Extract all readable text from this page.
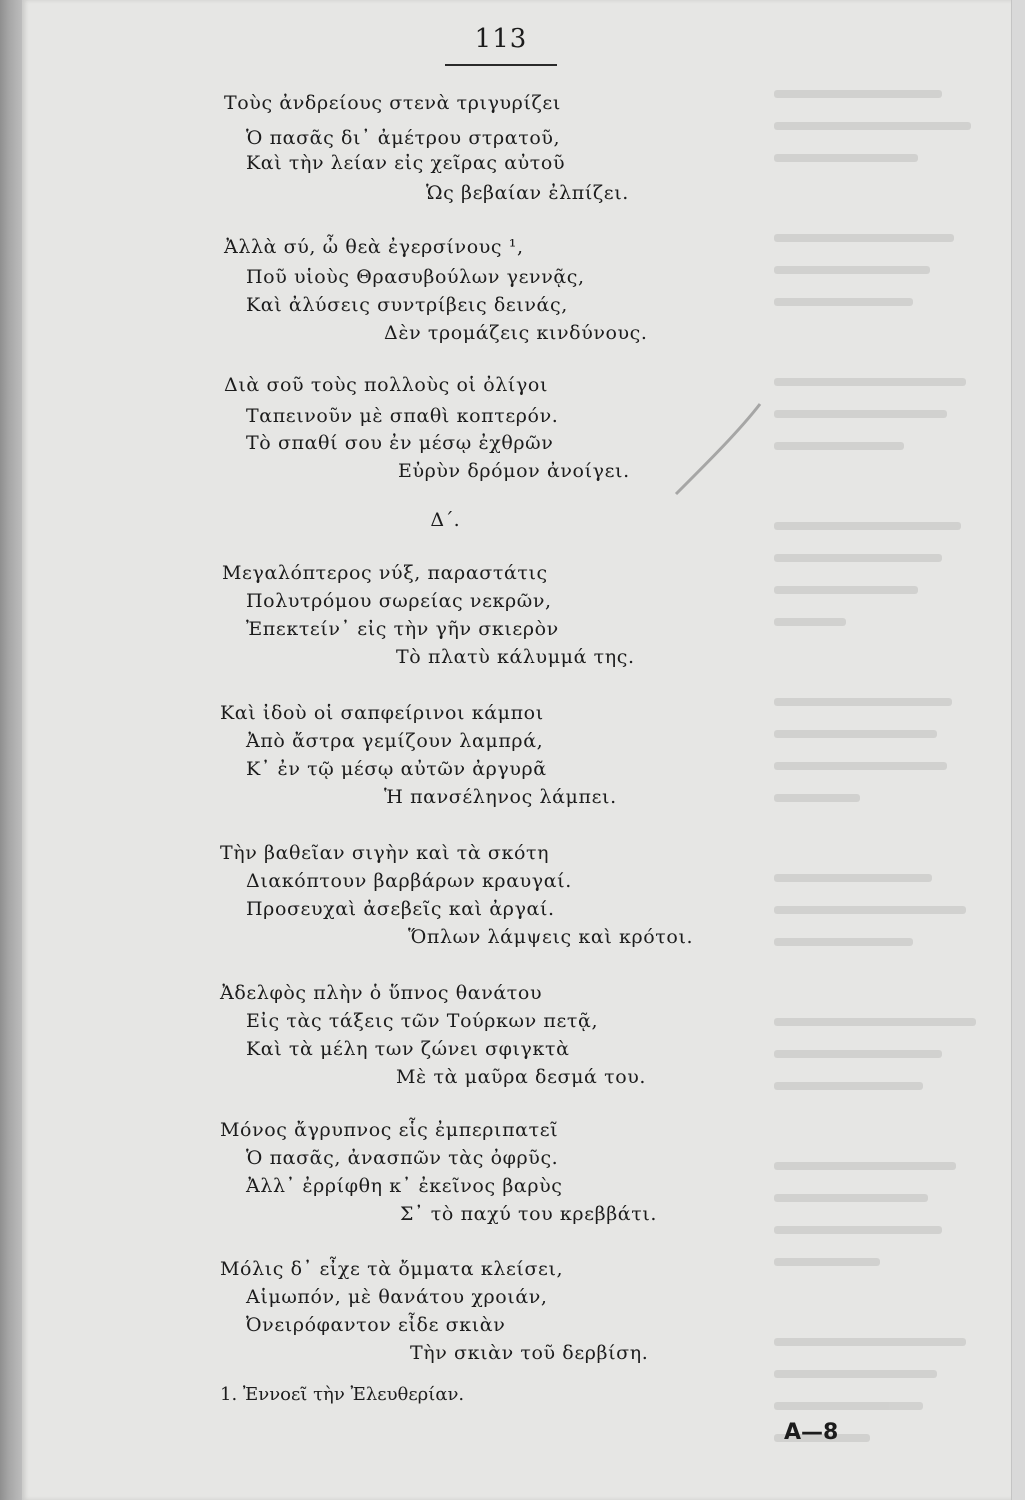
113
Τοὺς ἀνδρείους στενὰ τριγυρίζει
Ὁ πασᾶς δι᾽ ἀμέτρου στρατοῦ,
Καὶ τὴν λείαν εἰς χεῖρας αὐτοῦ
Ὡς βεβαίαν ἐλπίζει.
Ἀλλὰ σύ, ὦ θεὰ ἐγερσίνους ¹,
Ποῦ υἱοὺς Θρασυβούλων γεννᾷς,
Καὶ ἀλύσεις συντρίβεις δεινάς,
Δὲν τρομάζεις κινδύνους.
Διὰ σοῦ τοὺς πολλοὺς οἱ ὀλίγοι
Ταπεινοῦν μὲ σπαθὶ κοπτερόν.
Τὸ σπαθί σου ἐν μέσῳ ἐχθρῶν
Εὐρὺν δρόμον ἀνοίγει.
Δ΄.
Μεγαλόπτερος νύξ, παραστάτις
Πολυτρόμου σωρείας νεκρῶν,
Ἐπεκτείν᾽ εἰς τὴν γῆν σκιερὸν
Τὸ πλατὺ κάλυμμά της.
Καὶ ἰδοὺ οἱ σαπφείρινοι κάμποι
Ἀπὸ ἄστρα γεμίζουν λαμπρά,
Κ᾽ ἐν τῷ μέσῳ αὐτῶν ἀργυρᾶ
Ἡ πανσέληνος λάμπει.
Τὴν βαθεῖαν σιγὴν καὶ τὰ σκότη
Διακόπτουν βαρβάρων κραυγαί.
Προσευχαὶ ἀσεβεῖς καὶ ἀργαί.
Ὅπλων λάμψεις καὶ κρότοι.
Ἀδελφὸς πλὴν ὁ ὕπνος θανάτου
Εἰς τὰς τάξεις τῶν Τούρκων πετᾷ,
Καὶ τὰ μέλη των ζώνει σφιγκτὰ
Μὲ τὰ μαῦρα δεσμά του.
Μόνος ἄγρυπνος εἷς ἐμπεριπατεῖ
Ὁ πασᾶς, ἀνασπῶν τὰς ὀφρῦς.
Ἀλλ᾽ ἐρρίφθη κ᾽ ἐκεῖνος βαρὺς
Σ᾽ τὸ παχύ του κρεββάτι.
Μόλις δ᾽ εἶχε τὰ ὄμματα κλείσει,
Αἱμωπόν, μὲ θανάτου χροιάν,
Ὀνειρόφαντον εἶδε σκιὰν
Τὴν σκιὰν τοῦ δερβίση.
1. Ἐννοεῖ τὴν Ἐλευθερίαν.
A—8
